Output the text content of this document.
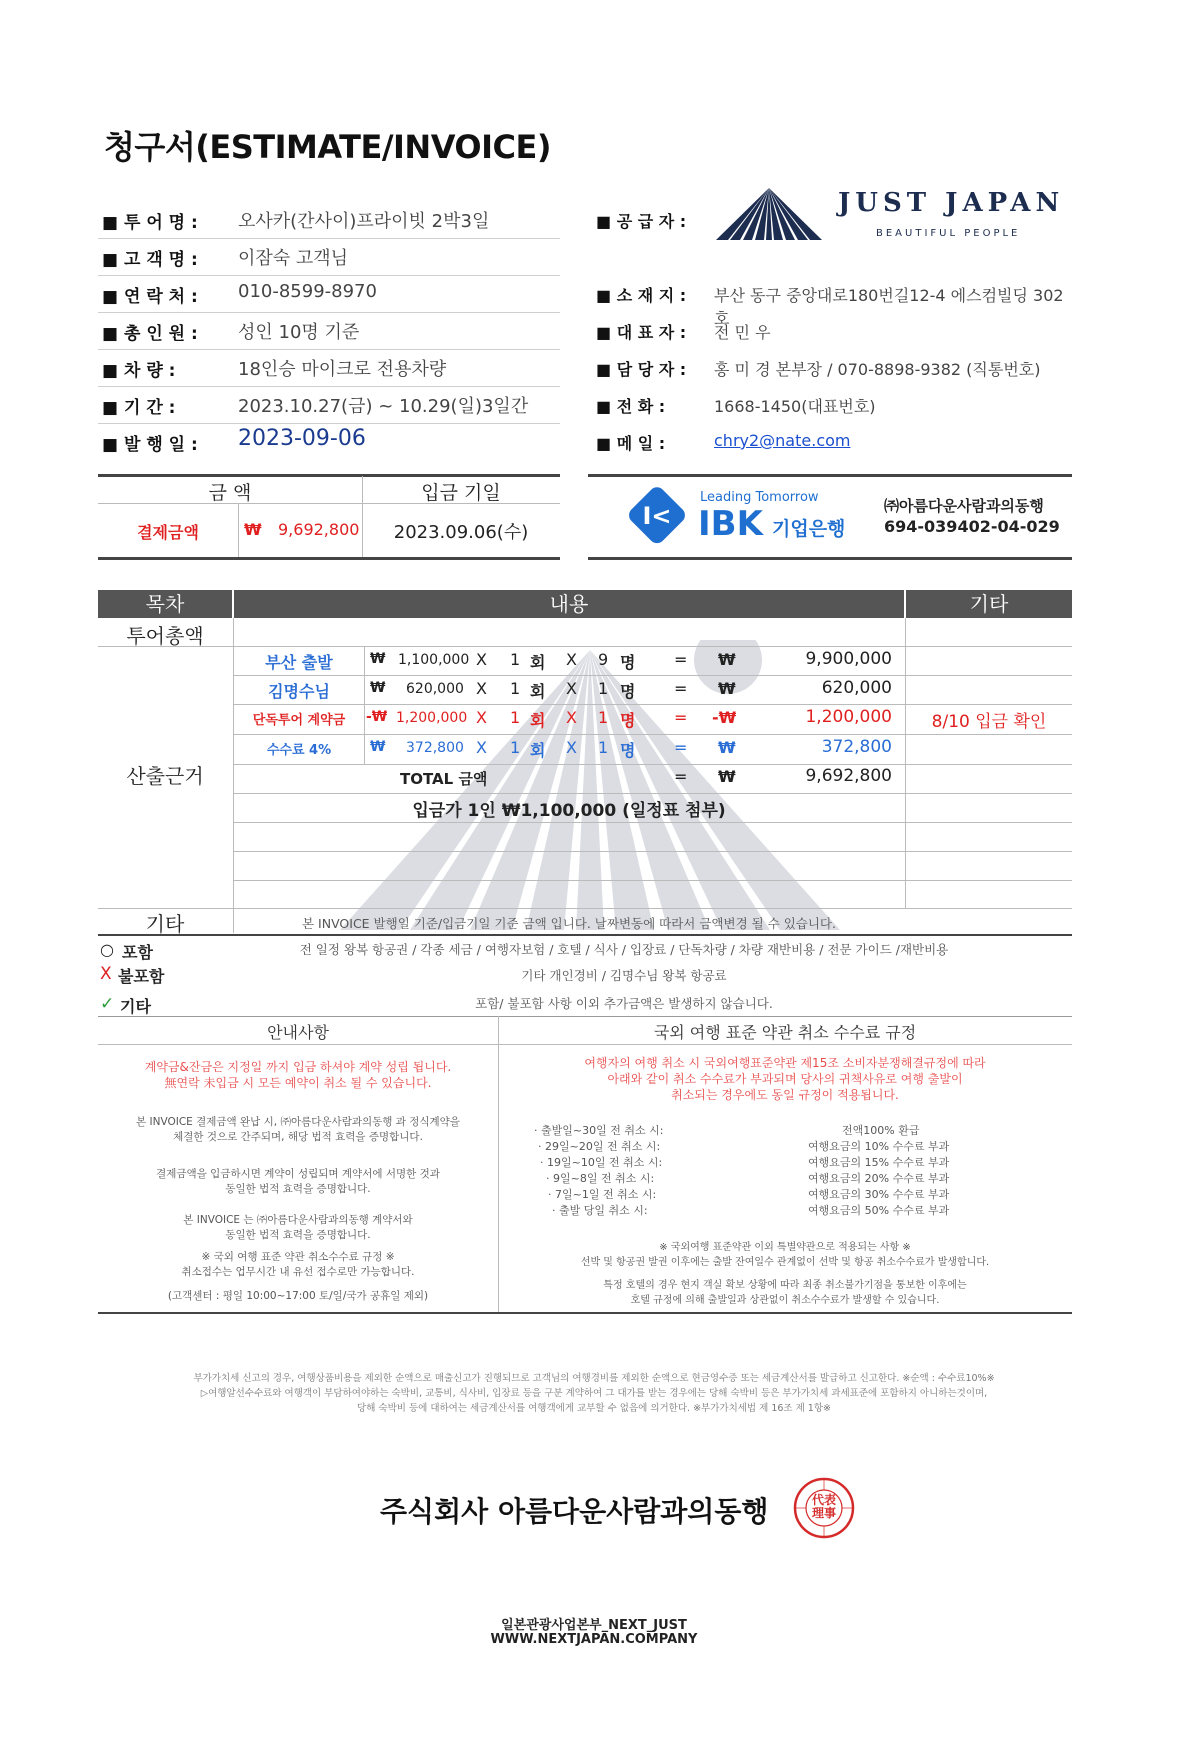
청구서(ESTIMATE/INVOICE)
■ 투 어 명 : 오사카(간사이)프라이빗 2박3일
■ 고 객 명 : 이잠숙 고객님
■ 연 락 처 : 010-8599-8970
■ 총 인 원 : 성인 10명 기준
■ 차 량 :	18인승 마이크로 전용차량
■ 기 간 :	2023.10.27(금) ~ 10.29(일)3일간
■ 발 행 일 : 2023-09-06
■ 공 급 자 :
JUST JAPAN
BEAUTIFUL PEOPLE
■ 소 재 지 : 부산 동구 중앙대로180번길12-4 에스컴빌딩 302호
■ 대 표 자 : 전 민 우
■ 담 당 자 : 홍 미 경 본부장 / 070-8898-9382 (직통번호)
■ 전 화 :	1668-1450(대표번호)
■ 메 일 :	chry2@nate.com
금 액	입금 기일
결제금액	₩ 9,692,800	2023.09.06(수)
I<
Leading Tomorrow
IBK 기업은행
㈜아름다운사람과의동행
694-039402-04-029
목차	내용	기타
투어총액
산출근거
기타
부산 출발	₩ 1,100,000 X 1 회 X 9 명 = ₩	9,900,000
김명수님	₩ 620,000 X 1 회 X 1 명 = ₩	620,000
단독투어 계약금	-₩ 1,200,000 X 1 회 X 1 명 = -₩	1,200,000	8/10 입금 확인
수수료 4%	₩ 372,800 X 1 회 X 1 명 = ₩	372,800
TOTAL 금액	= ₩	9,692,800
입금가 1인 ₩1,100,000 (일정표 첨부)
본 INVOICE 발행일 기준/입금기일 기준 금액 입니다. 날짜변동에 따라서 금액변경 될 수 있습니다.
○ 포함	전 일정 왕복 항공권 / 각종 세금 / 여행자보험 / 호텔 / 식사 / 입장료 / 단독차량 / 차량 재반비용 / 전문 가이드 /재반비용
X 불포함	기타 개인경비 / 김명수님 왕복 항공료
✓ 기타	포함/ 불포함 사항 이외 추가금액은 발생하지 않습니다.
안내사항	국외 여행 표준 약관 취소 수수료 규정
계약금&잔금은 지정일 까지 입금 하셔야 계약 성립 됩니다.
無연락 未입금 시 모든 예약이 취소 될 수 있습니다.
본 INVOICE 결제금액 완납 시, ㈜아름다운사람과의동행 과 정식계약을
체결한 것으로 간주되며, 해당 법적 효력을 증명합니다.
결제금액을 입금하시면 계약이 성립되며 계약서에 서명한 것과
동일한 법적 효력을 증명합니다.
본 INVOICE 는 ㈜아름다운사람과의동행 계약서와
동일한 법적 효력을 증명합니다.
※ 국외 여행 표준 약관 취소수수료 규정 ※
취소접수는 업무시간 내 유선 접수로만 가능합니다.
(고객센터 : 평일 10:00~17:00 토/일/국가 공휴일 제외)
여행자의 여행 취소 시 국외여행표준약관 제15조 소비자분쟁해결규정에 따라
아래와 같이 취소 수수료가 부과되며 당사의 귀책사유로 여행 출발이
취소되는 경우에도 동일 규정이 적용됩니다.
· 출발일~30일 전 취소 시:	전액100% 환급
· 29일~20일 전 취소 시:	여행요금의 10% 수수료 부과
· 19일~10일 전 취소 시:	여행요금의 15% 수수료 부과
· 9일~8일 전 취소 시:	여행요금의 20% 수수료 부과
· 7일~1일 전 취소 시:	여행요금의 30% 수수료 부과
· 출발 당일 취소 시:	여행요금의 50% 수수료 부과
※ 국외여행 표준약관 이외 특별약관으로 적용되는 사항 ※
선박 및 항공권 발권 이후에는 출발 잔여일수 관계없이 선박 및 항공 취소수수료가 발생합니다.
특정 호텔의 경우 현지 객실 확보 상황에 따라 최종 취소불가기점을 통보한 이후에는
호텔 규정에 의해 출발일과 상관없이 취소수수료가 발생할 수 있습니다.
부가가치세 신고의 경우, 여행상품비용을 제외한 순액으로 매출신고가 진행되므로 고객님의 여행경비를 제외한 순액으로 현금영수증 또는 세금계산서를 발급하고 신고한다. ※순액 : 수수료10%※
▷여행알선수수료와 여행객이 부담하여야하는 숙박비, 교통비, 식사비, 입장료 등을 구분 계약하여 그 대가를 받는 경우에는 당해 숙박비 등은 부가가치세 과세표준에 포함하지 아니하는것이며,
당해 숙박비 등에 대하여는 세금계산서를 여행객에게 교부할 수 없음에 의거한다. ※부가가치세법 제 16조 제 1항※
주식회사 아름다운사람과의동행	代表理事
일본관광사업본부_NEXT_JUST
WWW.NEXTJAPAN.COMPANY
